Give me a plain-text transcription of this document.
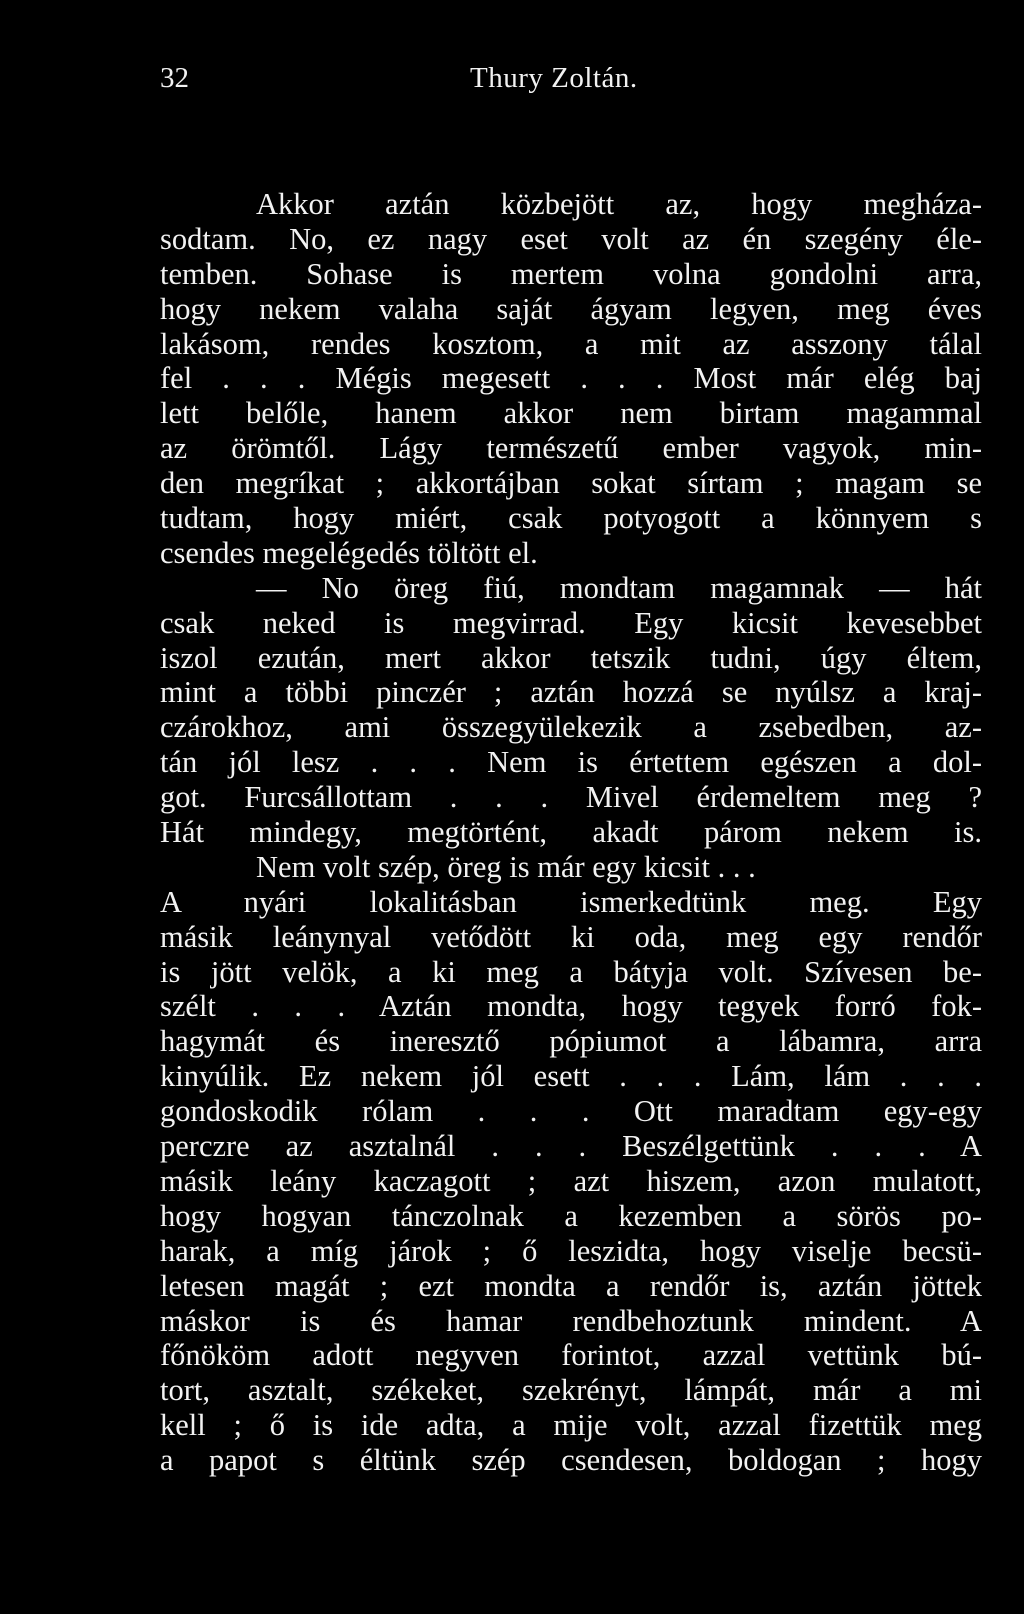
32	Thury Zoltán.
Akkor aztán közbejött az, hogy megháza-
sodtam. No, ez nagy eset volt az én szegény éle-
temben. Sohase is mertem volna gondolni arra,
hogy nekem valaha saját ágyam legyen, meg éves
lakásom, rendes kosztom, a mit az asszony tálal
fel . . . Mégis megesett . . . Most már elég baj
lett belőle, hanem akkor nem birtam magammal
az örömtől. Lágy természetű ember vagyok, min-
den megríkat ; akkortájban sokat sírtam ; magam se
tudtam, hogy miért, csak potyogott a könnyem s
csendes megelégedés töltött el.
— No öreg fiú, mondtam magamnak — hát
csak neked is megvirrad. Egy kicsit kevesebbet
iszol ezután, mert akkor tetszik tudni, úgy éltem,
mint a többi pinczér ; aztán hozzá se nyúlsz a kraj-
czárokhoz, ami összegyülekezik a zsebedben, az-
tán jól lesz . . . Nem is értettem egészen a dol-
got. Furcsállottam . . . Mivel érdemeltem meg ?
Hát mindegy, megtörtént, akadt párom nekem is.
Nem volt szép, öreg is már egy kicsit . . .
A nyári lokalitásban ismerkedtünk meg. Egy
másik leánynyal vetődött ki oda, meg egy rendőr
is jött velök, a ki meg a bátyja volt. Szívesen be-
szélt . . . Aztán mondta, hogy tegyek forró fok-
hagymát és ineresztő pópiumot a lábamra, arra
kinyúlik. Ez nekem jól esett . . . Lám, lám . . .
gondoskodik rólam . . . Ott maradtam egy-egy
perczre az asztalnál . . . Beszélgettünk . . . A
másik leány kaczagott ; azt hiszem, azon mulatott,
hogy hogyan tánczolnak a kezemben a sörös po-
harak, a míg járok ; ő leszidta, hogy viselje becsü-
letesen magát ; ezt mondta a rendőr is, aztán jöttek
máskor is és hamar rendbehoztunk mindent. A
főnököm adott negyven forintot, azzal vettünk bú-
tort, asztalt, székeket, szekrényt, lámpát, már a mi
kell ; ő is ide adta, a mije volt, azzal fizettük meg
a papot s éltünk szép csendesen, boldogan ; hogy
